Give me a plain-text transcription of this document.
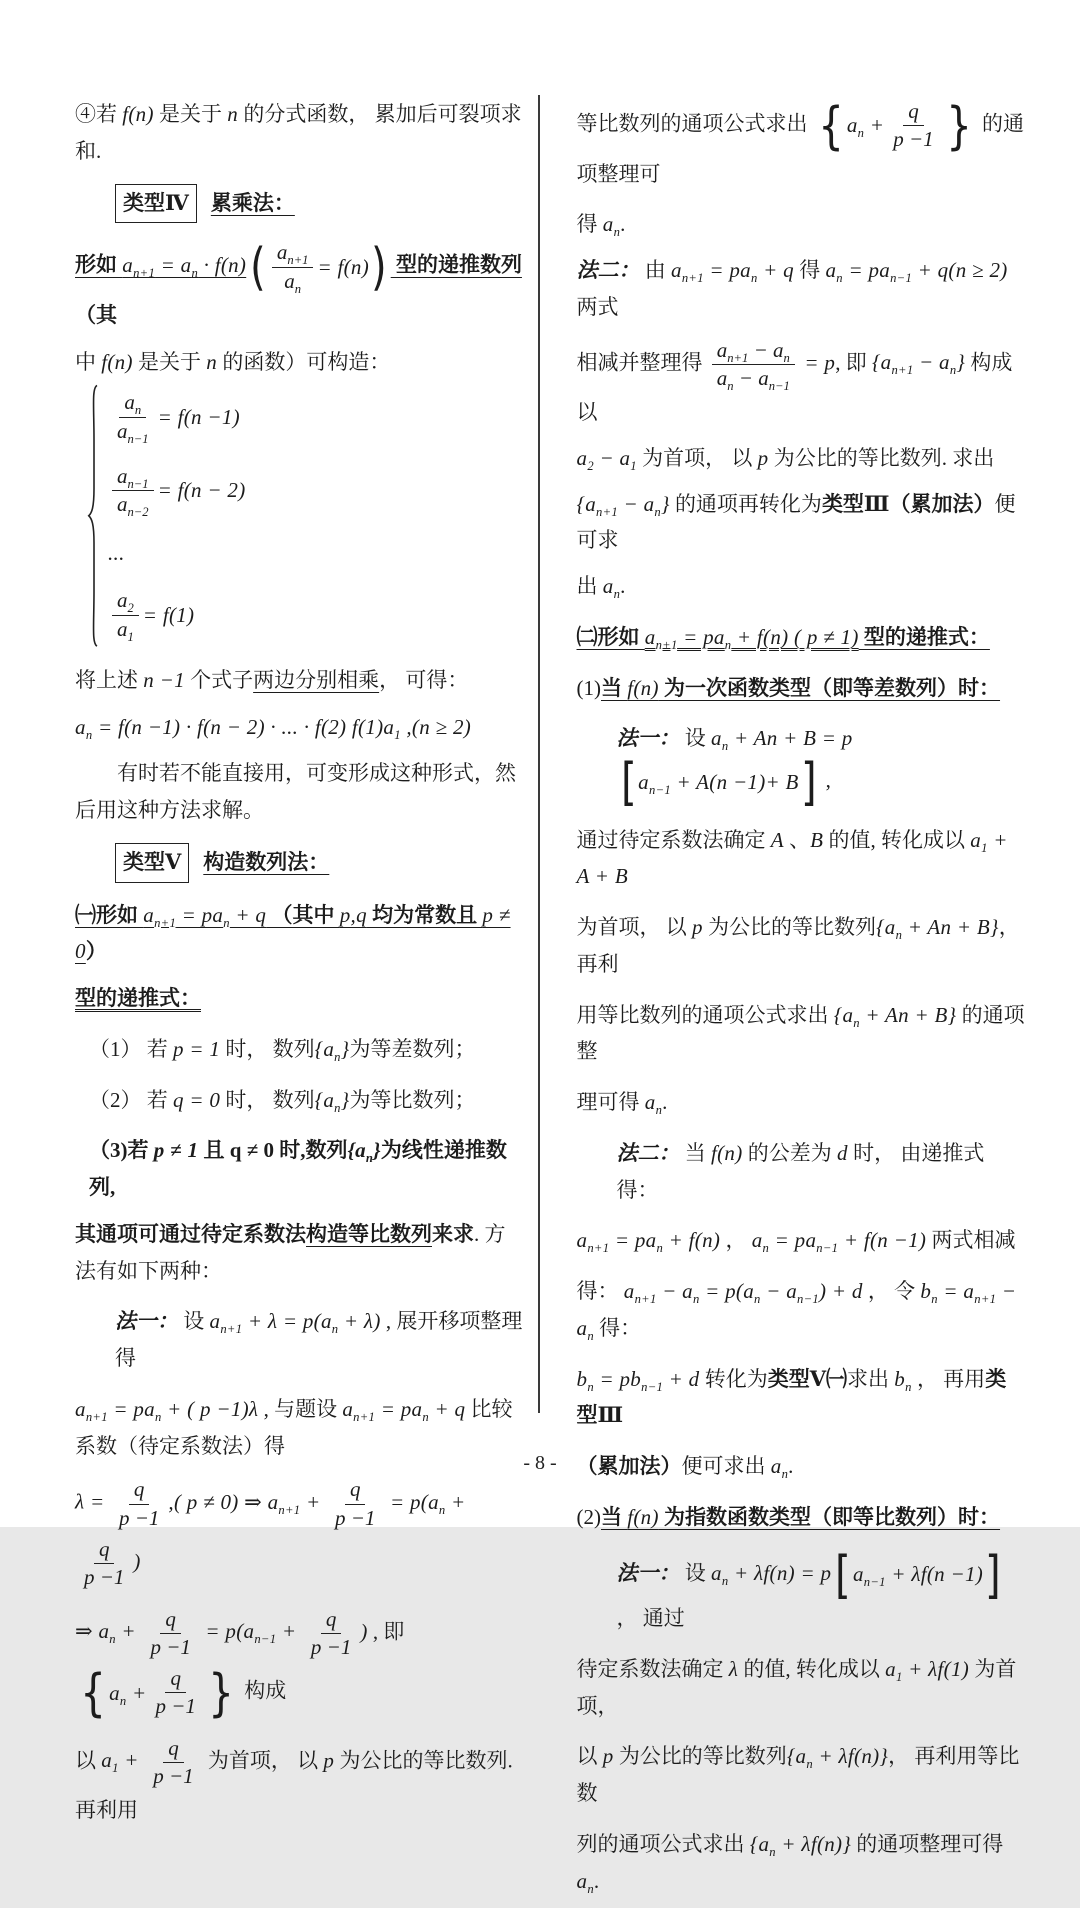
④若 f(n) 是关于 n 的分式函数， 累加后可裂项求和.
类型Ⅳ 累乘法：
形如 $a_{n+1} = a_n \cdot f(n)$ ( $\frac{a_{n+1}}{a_n} = f(n)$ ) 型的递推数列（其
中 f(n) 是关于 n 的函数）可构造：
$\frac{a_n}{a_{n-1}} = f(n -1)$
$\frac{a_{n-1}}{a_{n-2}} = f(n - 2)$
...
$\frac{a_2}{a_1} = f(1)$
将上述 n −1 个式子两边分别相乘， 可得：
$a_n = f(n -1) \cdot f(n - 2)$ · ... · f(2) $f(1)a_1$ ,(n ≥ 2)
　　有时若不能直接用，可变形成这种形式，然后用这种方法求解。
类型Ⅴ 构造数列法：
㈠形如 $a_{n+1} = pa_n + q$ （其中 p,q 均为常数且 p ≠ 0）
型的递推式：
（1） 若 p = 1 时， 数列$\{a_n\}$为等差数列；
（2） 若 q = 0 时， 数列$\{a_n\}$为等比数列；
（3)若 p ≠ 1 且 q ≠ 0 时,数列$\{a_n\}$为线性递推数列,
其通项可通过待定系数法构造等比数列来求. 方法有如下两种：
法一： 设 $a_{n+1} + \lambda = p(a_n + \lambda)$ , 展开移项整理得
$a_{n+1} = pa_n$ + ( p −1)λ , 与题设 $a_{n+1} = pa_n + q$ 比较系数（待定系数法）得
$\lambda = \frac{q}{p -1}$ ,( p ≠ 0) ⇒ $a_{n+1} + \frac{q}{p -1} = p(a_n$ +
$\frac{q}{p -1}$ )
⇒ $a_n + \frac{q}{p -1} = p(a_{n-1} + \frac{q}{p -1}$ ) , 即
{ $a_n + \frac{q}{p -1}$ } 构成
以 $a_1 + \frac{q}{p -1}$ 为首项， 以 p 为公比的等比数列. 再利用
等比数列的通项公式求出 { $a_n + \frac{q}{p -1}$ } 的通项整理可
得 $a_n$.
法二： 由 $a_{n+1} = pa_n + q$ 得 $a_n = pa_{n-1} + q(n \ge 2)$ 两式
相减并整理得 $\frac{a_{n+1} - a_n}{a_n - a_{n-1}} = p$, 即 $\{a_{n+1} - a_n\}$ 构成以
$a_2 - a_1$ 为首项， 以 p 为公比的等比数列. 求出
$\{a_{n+1} - a_n\}$ 的通项再转化为类型Ⅲ（累加法）便可求
出 $a_n$.
㈡形如 $a_{n+1} = pa_n + f(n)$ ( p ≠ 1) 型的递推式：
(1)当 f(n) 为一次函数类型（即等差数列）时：
法一： 设 $a_n + An + B = p$
[ $a_{n-1} + A(n -1)+ B$ ] ,
通过待定系数法确定 A 、B 的值, 转化成以 $a_1 + A + B$
为首项， 以 p 为公比的等比数列$\{a_n + An + B\}$， 再利
用等比数列的通项公式求出 $\{a_n + An + B\}$ 的通项整
理可得 $a_n$.
法二： 当 f(n) 的公差为 d 时， 由递推式得：
$a_{n+1} = pa_n + f(n)$ ， $a_n = pa_{n-1} + f(n -1)$ 两式相减
得： $a_{n+1} - a_n = p(a_n - a_{n-1}) + d$ ， 令 $b_n = a_{n+1} - a_n$ 得：
$b_n = pb_{n-1} + d$ 转化为类型Ⅴ㈠求出 $b_n$ ， 再用类型Ⅲ
（累加法）便可求出 $a_n$.
(2)当 f(n) 为指数函数类型（即等比数列）时：
法一： 设 $a_n + \lambda f(n) = p$ [ $a_{n-1} + \lambda f(n -1)$ ]
， 通过
待定系数法确定 λ 的值, 转化成以 $a_1 + \lambda f(1)$ 为首项，
以 p 为公比的等比数列$\{a_n + \lambda f(n)\}$， 再利用等比数
列的通项公式求出 $\{a_n + \lambda f(n)\}$ 的通项整理可得 $a_n$.
- 8 -
